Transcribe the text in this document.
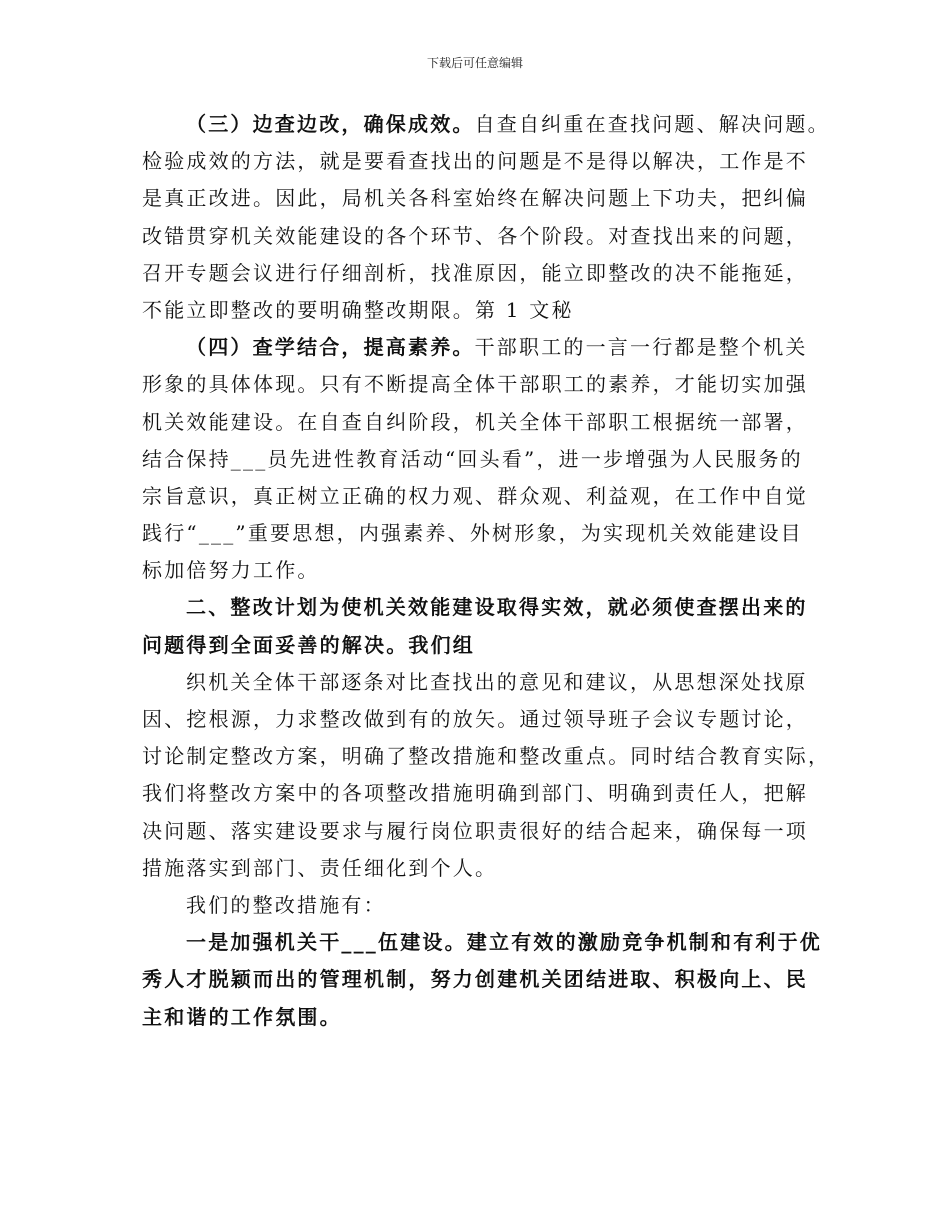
下载后可任意编辑
（三）边查边改，确保成效。自查自纠重在查找问题、解决问题。
检验成效的方法，就是要看查找出的问题是不是得以解决，工作是不
是真正改进。因此，局机关各科室始终在解决问题上下功夫，把纠偏
改错贯穿机关效能建设的各个环节、各个阶段。对查找出来的问题，
召开专题会议进行仔细剖析，找准原因，能立即整改的决不能拖延，
不能立即整改的要明确整改期限。第 1 文秘
（四）查学结合，提高素养。干部职工的一言一行都是整个机关
形象的具体体现。只有不断提高全体干部职工的素养，才能切实加强
机关效能建设。在自查自纠阶段，机关全体干部职工根据统一部署，
结合保持___员先进性教育活动“回头看”，进一步增强为人民服务的
宗旨意识，真正树立正确的权力观、群众观、利益观，在工作中自觉
践行“___”重要思想，内强素养、外树形象，为实现机关效能建设目
标加倍努力工作。
二、整改计划为使机关效能建设取得实效，就必须使查摆出来的
问题得到全面妥善的解决。我们组
织机关全体干部逐条对比查找出的意见和建议，从思想深处找原
因、挖根源，力求整改做到有的放矢。通过领导班子会议专题讨论，
讨论制定整改方案，明确了整改措施和整改重点。同时结合教育实际，
我们将整改方案中的各项整改措施明确到部门、明确到责任人，把解
决问题、落实建设要求与履行岗位职责很好的结合起来，确保每一项
措施落实到部门、责任细化到个人。
我们的整改措施有：
一是加强机关干___伍建设。建立有效的激励竞争机制和有利于优
秀人才脱颖而出的管理机制，努力创建机关团结进取、积极向上、民
主和谐的工作氛围。
